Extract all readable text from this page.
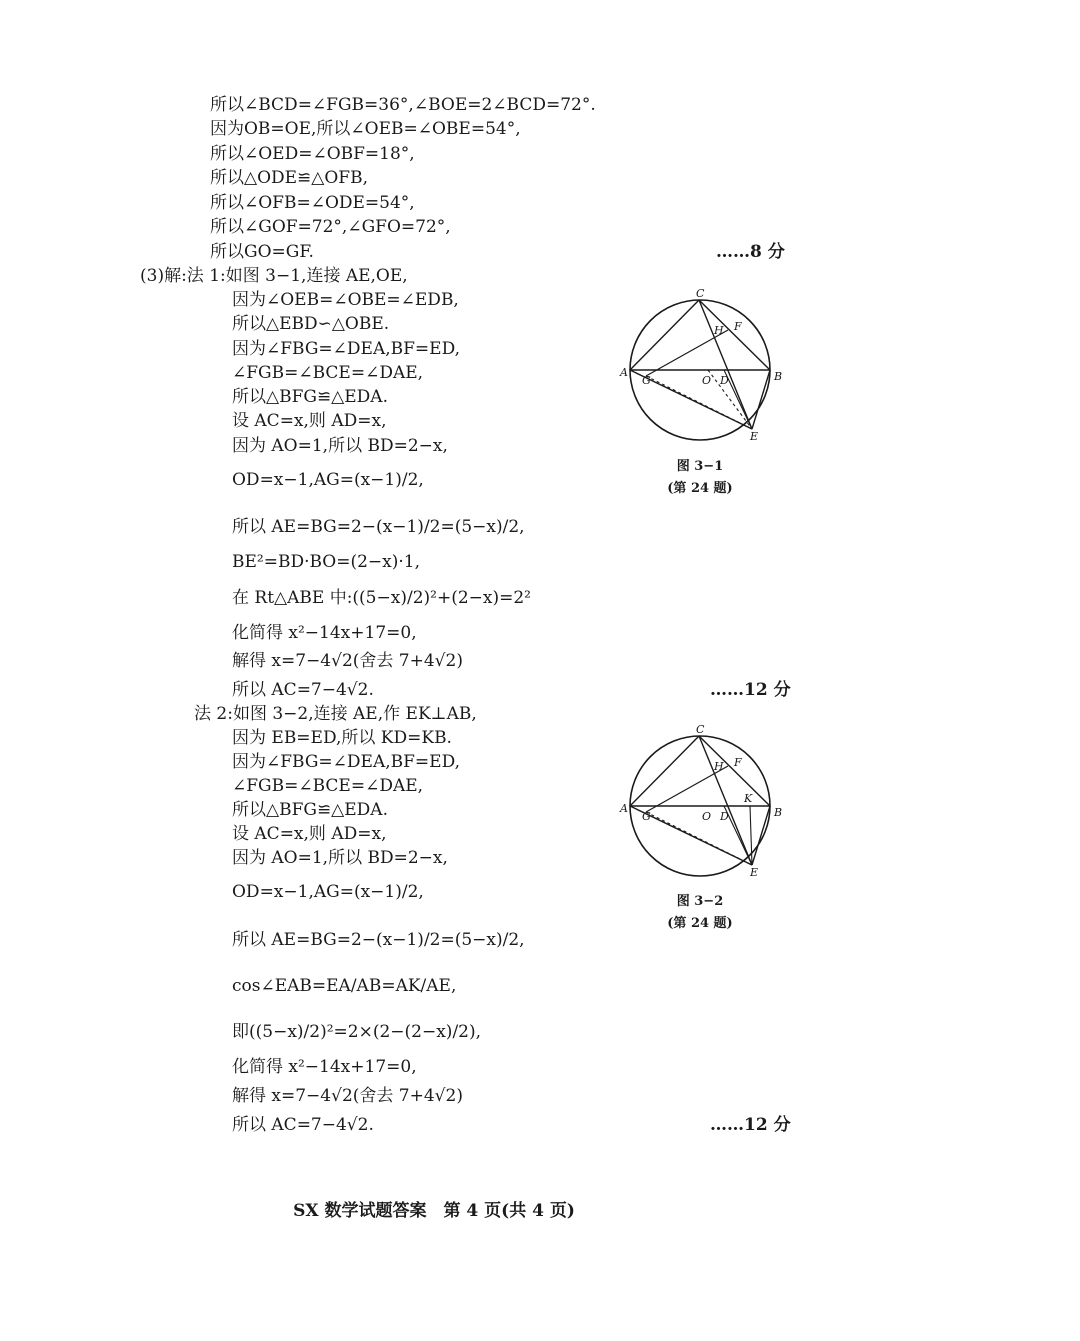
所以∠BCD=∠FGB=36°,∠BOE=2∠BCD=72°.
因为OB=OE,所以∠OEB=∠OBE=54°,
所以∠OED=∠OBF=18°,
所以△ODE≌△OFB,
所以∠OFB=∠ODE=54°,
所以∠GOF=72°,∠GFO=72°,
所以GO=GF.	……8 分
(3)解:法 1:如图 3−1,连接 AE,OE,
因为∠OEB=∠OBE=∠EDB,
所以△EBD∽△OBE.
因为∠FBG=∠DEA,BF=ED,
∠FGB=∠BCE=∠DAE,
所以△BFG≌△EDA.
设 AC=x,则 AD=x,
因为 AO=1,所以 BD=2−x,
OD=x−1,AG=(x−1)/2,
所以 AE=BG=2−(x−1)/2=(5−x)/2,
BE²=BD·BO=(2−x)·1,
在 Rt△ABE 中:((5−x)/2)²+(2−x)=2²
化简得 x²−14x+17=0,
解得 x=7−4√2(舍去 7+4√2)
所以 AC=7−4√2.	……12 分
法 2:如图 3−2,连接 AE,作 EK⊥AB,
因为 EB=ED,所以 KD=KB.
因为∠FBG=∠DEA,BF=ED,
∠FGB=∠BCE=∠DAE,
所以△BFG≌△EDA.
设 AC=x,则 AD=x,
因为 AO=1,所以 BD=2−x,
OD=x−1,AG=(x−1)/2,
所以 AE=BG=2−(x−1)/2=(5−x)/2,
cos∠EAB=EA/AB=AK/AE,
即((5−x)/2)²=2×(2−(2−x)/2),
化简得 x²−14x+17=0,
解得 x=7−4√2(舍去 7+4√2)
所以 AC=7−4√2.	……12 分
C
H F
A
G	O D	B
E
图 3−1
(第 24 题)
C
H F
A
G	O D
K
B
E
图 3−2
(第 24 题)
SX 数学试题答案　第 4 页(共 4 页)
